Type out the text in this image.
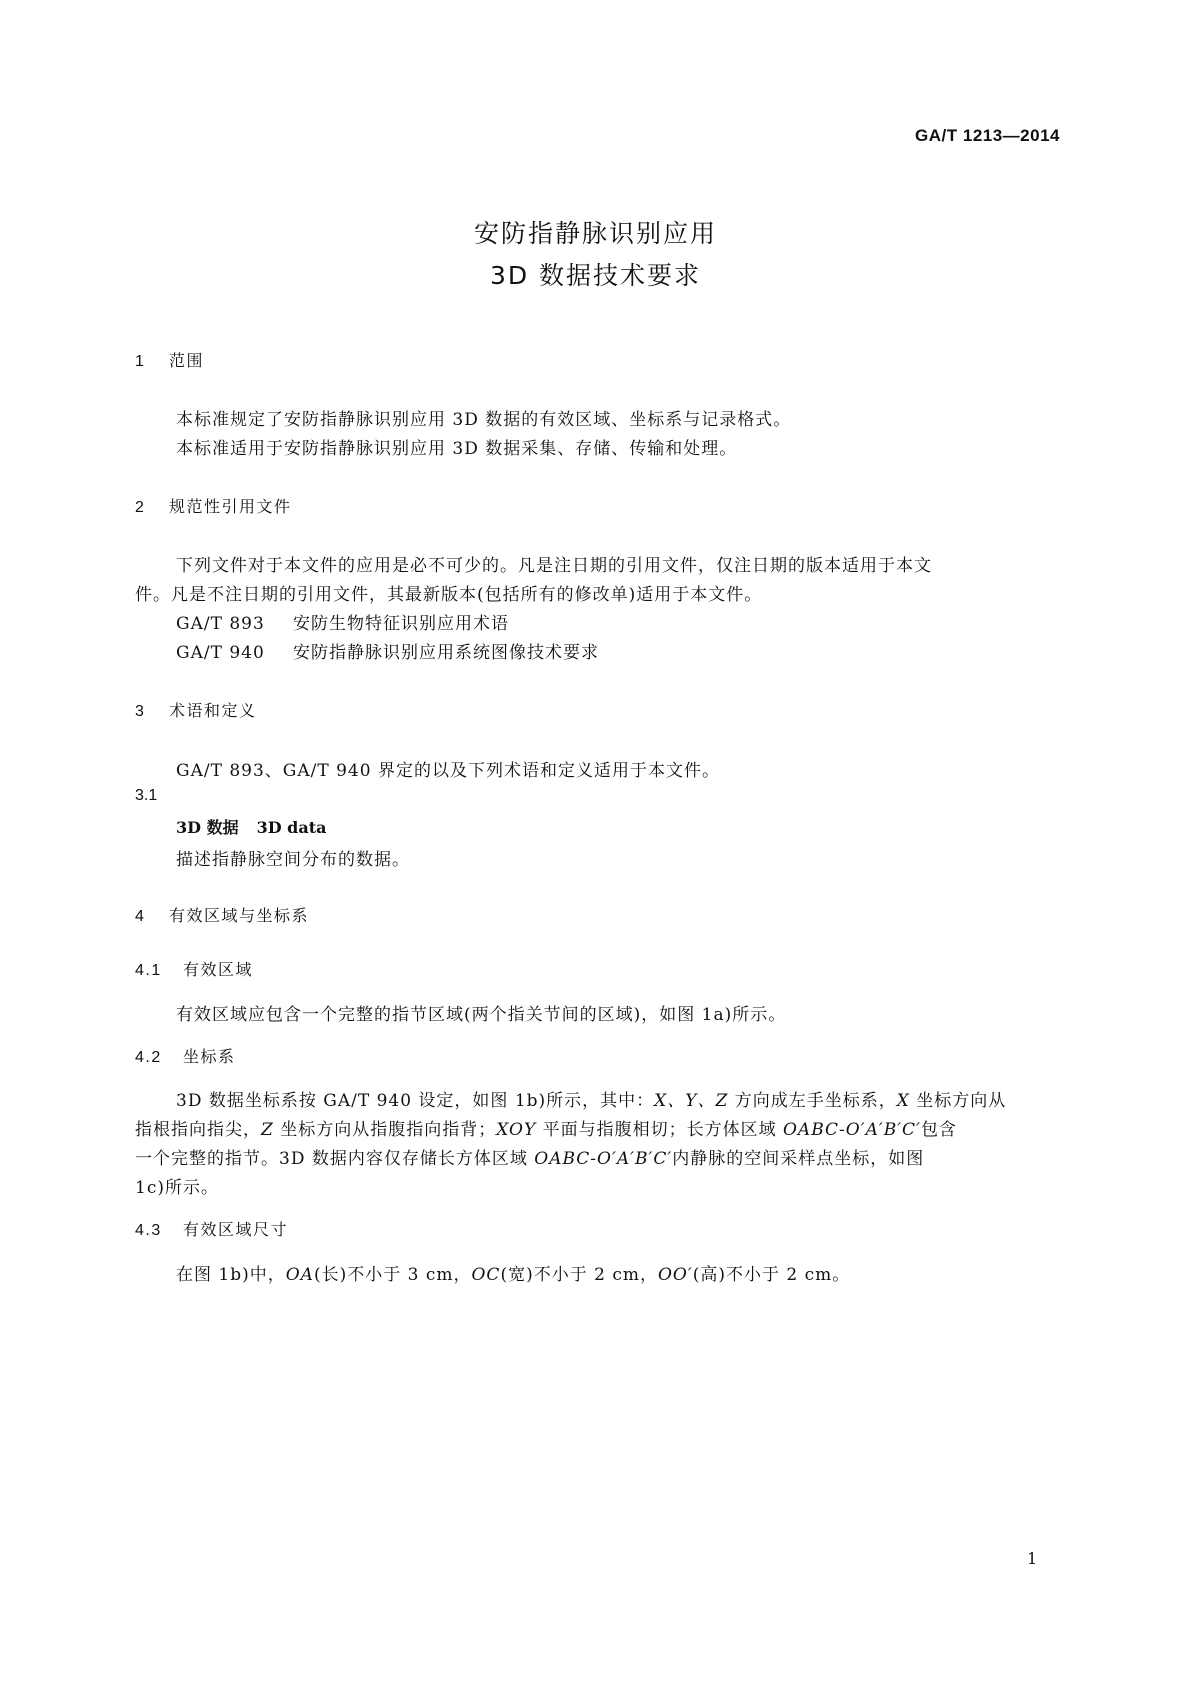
GA/T 1213—2014
安防指静脉识别应用
3D 数据技术要求
1 范围
本标准规定了安防指静脉识别应用 3D 数据的有效区域、坐标系与记录格式。
本标准适用于安防指静脉识别应用 3D 数据采集、存储、传输和处理。
2 规范性引用文件
下列文件对于本文件的应用是必不可少的。凡是注日期的引用文件，仅注日期的版本适用于本文
件。凡是不注日期的引用文件，其最新版本(包括所有的修改单)适用于本文件。
GA/T 893 安防生物特征识别应用术语
GA/T 940 安防指静脉识别应用系统图像技术要求
3 术语和定义
GA/T 893、GA/T 940 界定的以及下列术语和定义适用于本文件。
3.1
3D 数据 3D data
描述指静脉空间分布的数据。
4 有效区域与坐标系
4.1 有效区域
有效区域应包含一个完整的指节区域(两个指关节间的区域)，如图 1a)所示。
4.2 坐标系
3D 数据坐标系按 GA/T 940 设定，如图 1b)所示，其中：X、Y、Z 方向成左手坐标系，X 坐标方向从
指根指向指尖，Z 坐标方向从指腹指向指背；XOY 平面与指腹相切；长方体区域 OABC-O′A′B′C′包含
一个完整的指节。3D 数据内容仅存储长方体区域 OABC-O′A′B′C′内静脉的空间采样点坐标，如图
1c)所示。
4.3 有效区域尺寸
在图 1b)中，OA(长)不小于 3 cm，OC(宽)不小于 2 cm，OO′(高)不小于 2 cm。
1
